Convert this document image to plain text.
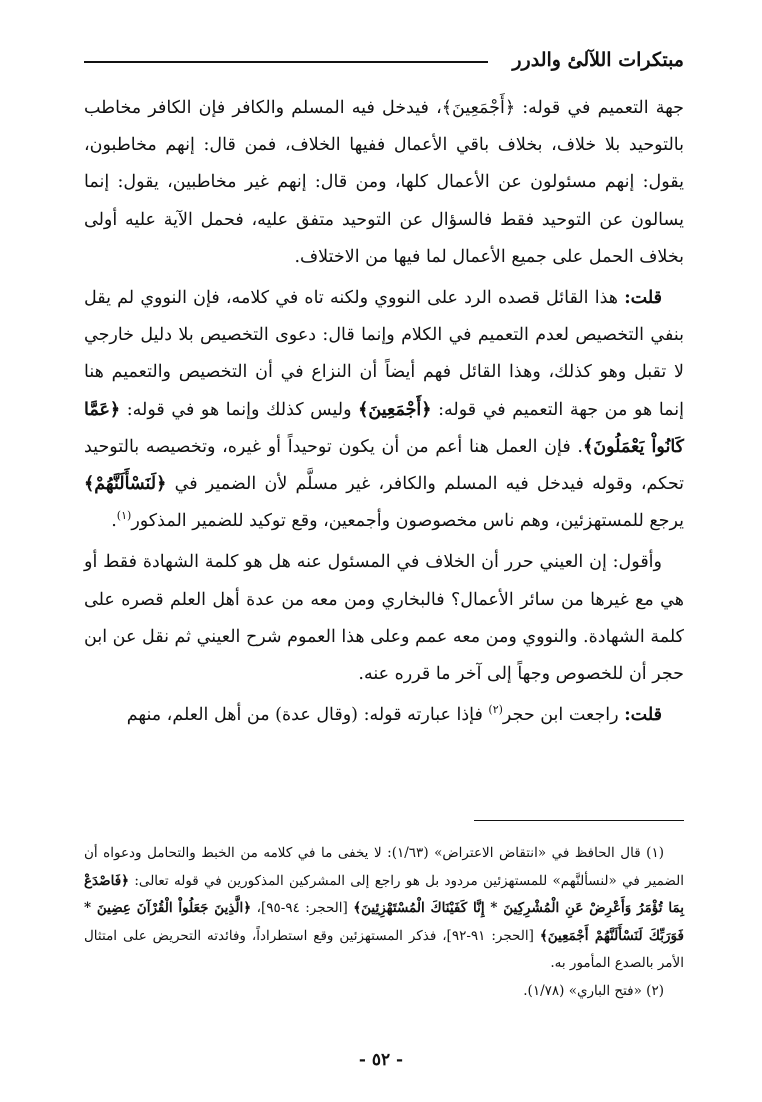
مبتكرات اللآلئ والدرر

جهة التعميم في قوله: ﴿أَجْمَعِينَ﴾، فيدخل فيه المسلم والكافر فإن الكافر مخاطب بالتوحيد بلا خلاف، بخلاف باقي الأعمال ففيها الخلاف، فمن قال: إنهم مخاطبون، يقول: إنهم مسئولون عن الأعمال كلها، ومن قال: إنهم غير مخاطبين، يقول: إنما يسالون عن التوحيد فقط فالسؤال عن التوحيد متفق عليه، فحمل الآية عليه أولى بخلاف الحمل على جميع الأعمال لما فيها من الاختلاف.

قلت: هذا القائل قصده الرد على النووي ولكنه تاه في كلامه، فإن النووي لم يقل بنفي التخصيص لعدم التعميم في الكلام وإنما قال: دعوى التخصيص بلا دليل خارجي لا تقبل وهو كذلك، وهذا القائل فهم أيضاً أن النزاع في أن التخصيص والتعميم هنا إنما هو من جهة التعميم في قوله: ﴿أَجْمَعِينَ﴾ وليس كذلك وإنما هو في قوله: ﴿عَمَّا كَانُواْ يَعْمَلُونَ﴾. فإن العمل هنا أعم من أن يكون توحيداً أو غيره، وتخصيصه بالتوحيد تحكم، وقوله فيدخل فيه المسلم والكافر، غير مسلَّم لأن الضمير في ﴿لَنَسْأَلَنَّهُمْ﴾ يرجع للمستهزئين، وهم ناس مخصوصون وأجمعين، وقع توكيد للضمير المذكور$^{(١)}$.

وأقول: إن العيني حرر أن الخلاف في المسئول عنه هل هو كلمة الشهادة فقط أو هي مع غيرها من سائر الأعمال؟ فالبخاري ومن معه من عدة أهل العلم قصره على كلمة الشهادة. والنووي ومن معه عمم وعلى هذا العموم شرح العيني ثم نقل عن ابن حجر أن للخصوص وجهاً إلى آخر ما قرره عنه.

قلت: راجعت ابن حجر$^{(٢)}$ فإذا عبارته قوله: (وقال عدة) من أهل العلم، منهم

(١) قال الحافظ في «انتقاض الاعتراض» (١/٦٣): لا يخفى ما في كلامه من الخبط والتحامل ودعواه أن الضمير في «لنسألنَّهم» للمستهزئين مردود بل هو راجع إلى المشركين المذكورين في قوله تعالى: ﴿فَاصْدَعْ بِمَا تُؤْمَرُ وَأَعْرِضْ عَنِ الْمُشْرِكِينَ * إِنَّا كَفَيْنَاكَ الْمُسْتَهْزِئِينَ﴾ [الحجر: ٩٤-٩٥]، ﴿الَّذِينَ جَعَلُواْ الْقُرْآنَ عِضِينَ * فَوَرَبِّكَ لَنَسْأَلَنَّهُمْ أَجْمَعِينَ﴾ [الحجر: ٩١-٩٢]، فذكر المستهزئين وقع استطراداً، وفائدته التحريض على امتثال الأمر بالصدع المأمور به.

(٢) «فتح الباري» (١/٧٨).

- ٥٢ -
